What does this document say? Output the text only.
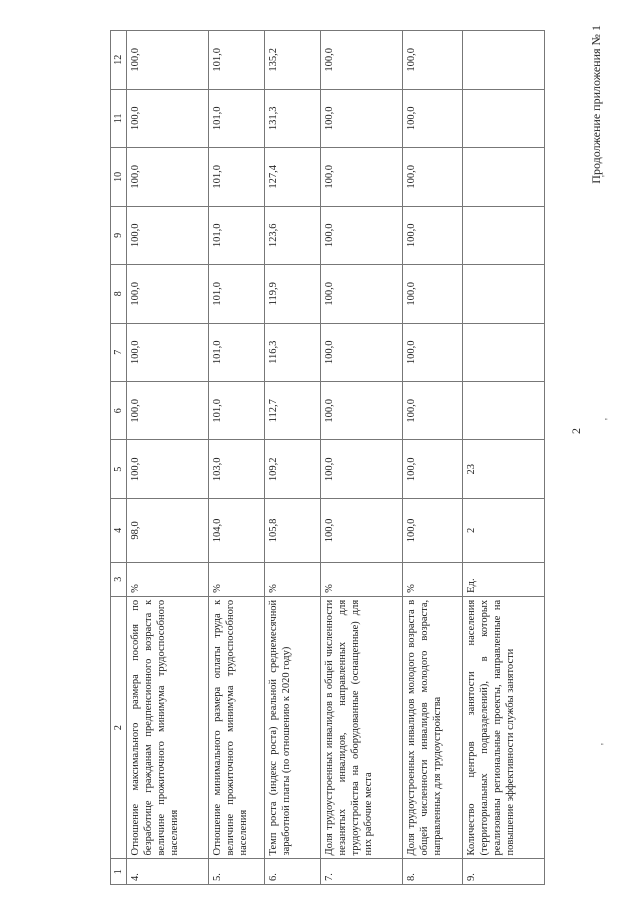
Продолжение приложения № 1
2
'
'
'
1	2	3	4	5	6	7	8	9	10	11	12
4.	Отношение максимального размера пособия по безработице гражданам предпенсионного возраста к величине прожиточного минимума трудоспособного населения	%	98,0	100,0	100,0	100,0	100,0	100,0	100,0	100,0	100,0
5.	Отношение минимального размера оплаты труда к величине прожиточного минимума трудоспособного населения	%	104,0	103,0	101,0	101,0	101,0	101,0	101,0	101,0	101,0
6.	Темп роста (индекс роста) реальной среднемесячной заработной платы (по отношению к 2020 году)	%	105,8	109,2	112,7	116,3	119,9	123,6	127,4	131,3	135,2
7.	Доля трудоустроенных инвалидов в общей численности незанятых инвалидов, направленных для трудоустройства на оборудованные (оснащенные) для них рабочие места	%	100,0	100,0	100,0	100,0	100,0	100,0	100,0	100,0	100,0
8.	Доля трудоустроенных инвалидов молодого возраста в общей численности инвалидов молодого возраста, направленных для трудоустройства	%	100,0	100,0	100,0	100,0	100,0	100,0	100,0	100,0	100,0
9.	Количество центров занятости населения (территориальных подразделений), в которых реализованы региональные проекты, направленные на повышение эффективности службы занятости	Ед.	2	23							
